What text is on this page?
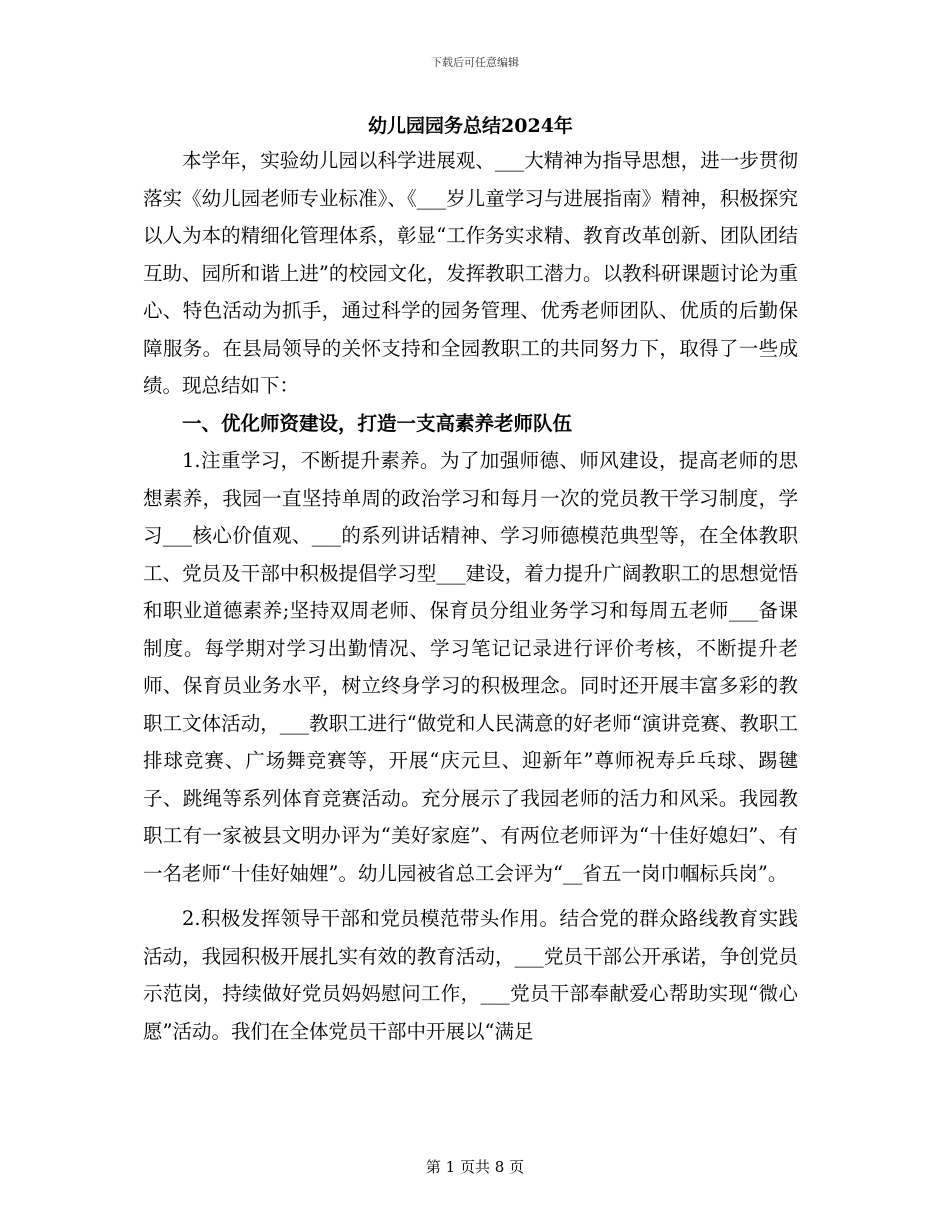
下载后可任意编辑
幼儿园园务总结2024年

本学年，实验幼儿园以科学进展观、___大精神为指导思想，进一步贯彻落实《幼儿园老师专业标准》、《___岁儿童学习与进展指南》精神，积极探究以人为本的精细化管理体系，彰显“工作务实求精、教育改革创新、团队团结互助、园所和谐上进”的校园文化，发挥教职工潜力。以教科研课题讨论为重心、特色活动为抓手，通过科学的园务管理、优秀老师团队、优质的后勤保障服务。在县局领导的关怀支持和全园教职工的共同努力下，取得了一些成绩。现总结如下：

一、优化师资建设，打造一支高素养老师队伍

1.注重学习，不断提升素养。为了加强师德、师风建设，提高老师的思想素养，我园一直坚持单周的政治学习和每月一次的党员教干学习制度，学习___核心价值观、___的系列讲话精神、学习师德模范典型等，在全体教职工、党员及干部中积极提倡学习型___建设，着力提升广阔教职工的思想觉悟和职业道德素养;坚持双周老师、保育员分组业务学习和每周五老师___备课制度。每学期对学习出勤情况、学习笔记记录进行评价考核，不断提升老师、保育员业务水平，树立终身学习的积极理念。同时还开展丰富多彩的教职工文体活动，___教职工进行“做党和人民满意的好老师“演讲竞赛、教职工排球竞赛、广场舞竞赛等，开展“庆元旦、迎新年”尊师祝寿乒乓球、踢毽子、跳绳等系列体育竞赛活动。充分展示了我园老师的活力和风采。我园教职工有一家被县文明办评为“美好家庭”、有两位老师评为“十佳好媳妇”、有一名老师“十佳好妯娌”。幼儿园被省总工会评为“__省五一岗巾帼标兵岗”。

2.积极发挥领导干部和党员模范带头作用。结合党的群众路线教育实践活动，我园积极开展扎实有效的教育活动，___党员干部公开承诺，争创党员示范岗，持续做好党员妈妈慰问工作，___党员干部奉献爱心帮助实现“微心愿”活动。我们在全体党员干部中开展以“满足

第 1 页共 8 页
